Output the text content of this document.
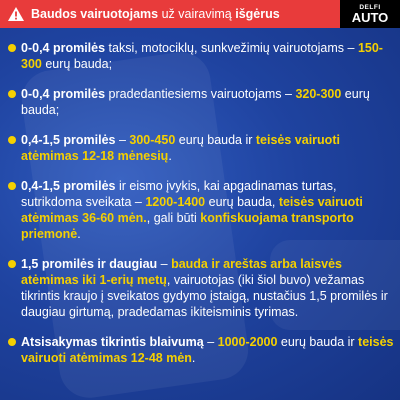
Baudos vairuotojams už vairavimą išgėrus	DELFI
AUTO
0-0,4 promilės taksi, motociklų, sunkvežimių vairuotojams – 150-300 eurų bauda;
0-0,4 promilės pradedantiesiems vairuotojams – 320-300 eurų bauda;
0,4-1,5 promilės – 300-450 eurų bauda ir teisės vairuoti atėmimas 12-18 mėnesių.
0,4-1,5 promilės ir eismo įvykis, kai apgadinamas turtas, sutrikdoma sveikata – 1200-1400 eurų bauda, teisės vairuoti atėmimas 36-60 mėn., gali būti konfiskuojama transporto priemonė.
1,5 promilės ir daugiau – bauda ir areštas arba laisvės atėmimas iki 1-erių metų, vairuotojas (iki šiol buvo) vežamas tikrintis kraujo į sveikatos gydymo įstaigą, nustačius 1,5 promilės ir daugiau girtumą, pradedamas ikiteisminis tyrimas.
Atsisakymas tikrintis blaivumą – 1000-2000 eurų bauda ir teisės vairuoti atėmimas 12-48 mėn.
